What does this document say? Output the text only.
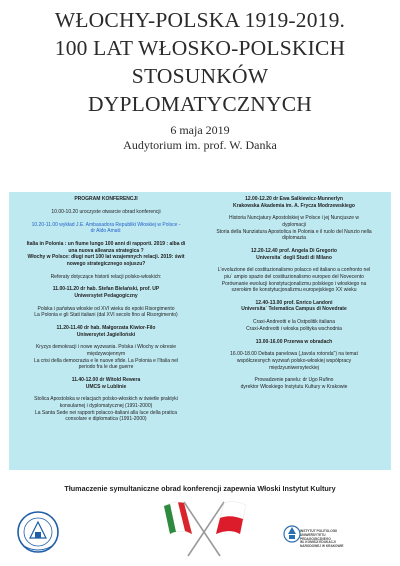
WŁOCHY-POLSKA 1919-2019.
100 LAT WŁOSKO-POLSKICH
STOSUNKÓW
DYPLOMATYCZNYCH
6 maja 2019
Audytorium im. prof. W. Danka

PROGRAM KONFERENCJI

10.00-10.20 uroczyste otwarcie obrad konferencji

10.20-11.00 wykład J.E. Ambasadora Republiki Włoskiej w Polsce -
dr Aldo Amati:

Italia in Polonia : un fiume lungo 100 anni di rapporti. 2019 : alba di
una nuova alleanza strategica ?
Włochy w Polsce: długi nurt 100 lat wzajemnych relacji. 2019: świt
nowego strategicznego sojuszu?

Referaty dotyczące historii relacji polsko-włoskich:

11.00-11.20 dr hab. Stefan Bielański, prof. UP
Uniwersytet Pedagogiczny

Polska i państwa włoskie od XVI wieku do epoki Risorgimento
La Polonia e gli Stati italiani (dal XVI secolo fino al Risorgimento)

11.20-11.40 dr hab. Małgorzata Kiwior-Filo
Uniwersytet Jagielloński

Kryzys demokracji i nowe wyzwania. Polska i Włochy w okresie
międzywojennym
La crisi della democrazia e le nuove sfide. La Polonia e l'Italia nel
periodo fra le due guerre

11.40-12.00 dr Witold Rewera
UMCS w Lublinie

Stolica Apostolska w relacjach polsko-włoskich w świetle praktyki
konsularnej i dyplomatycznej (1991-2000)
La Santa Sede nei rapporti polacco-italiani alla luce della pratica
consolare e diplomatica (1991-2000)

12.00-12.20 dr Ewa Salkiewicz-Munnerlyn
Krakowska Akademia im. A. Frycza Modrzewskiego

Historia Nuncjatury Apostolskiej w Polsce i jej Nuncjusze w
dyplomacji
Storia della Nunziatura Apostolica in Polonia e il ruolo del Nunzio nella
diplomazia

12.20-12.40 prof. Angela Di Gregorio
Universita` degli Studi di Milano

L'evoluzione del costituzionalismo polacco ed italiano a confronto nel
piu` ampio spazio del costituzionalismo europeo del Novecento
Porównanie ewolucji konstytucjonalizmu polskiego i włoskiego na
szerokim tle konstytucjonalizmu europejskiego XX wieku

12.40-13.00 prof. Enrico Landoni
Universita` Telematica Campus di Novedrate

Craxi-Andreotti e la Ostpolitik italiana
Craxi-Andreotti i włoska polityka wschodnia

13.00-16.00 Przerwa w obradach

16.00-18.00 Debata panelowa („tavola rotonda") na temat
współczesnych wyzwań polsko-włoskiej współpracy
międzyuniwersyteckiej

Prowadzenie panelu: dr Ugo Rufino
dyrektor Włoskiego Instytutu Kultury w Krakowie

Tłumaczenie symultaniczne obrad konferencji zapewnia Włoski Instytut Kultury
INSTYTUT POLITOLOGII
UNIWERSYTETU PEDAGOGICZNEGO
IM. KOMISJI EDUKACJI NARODOWEJ W KRAKOWIE
